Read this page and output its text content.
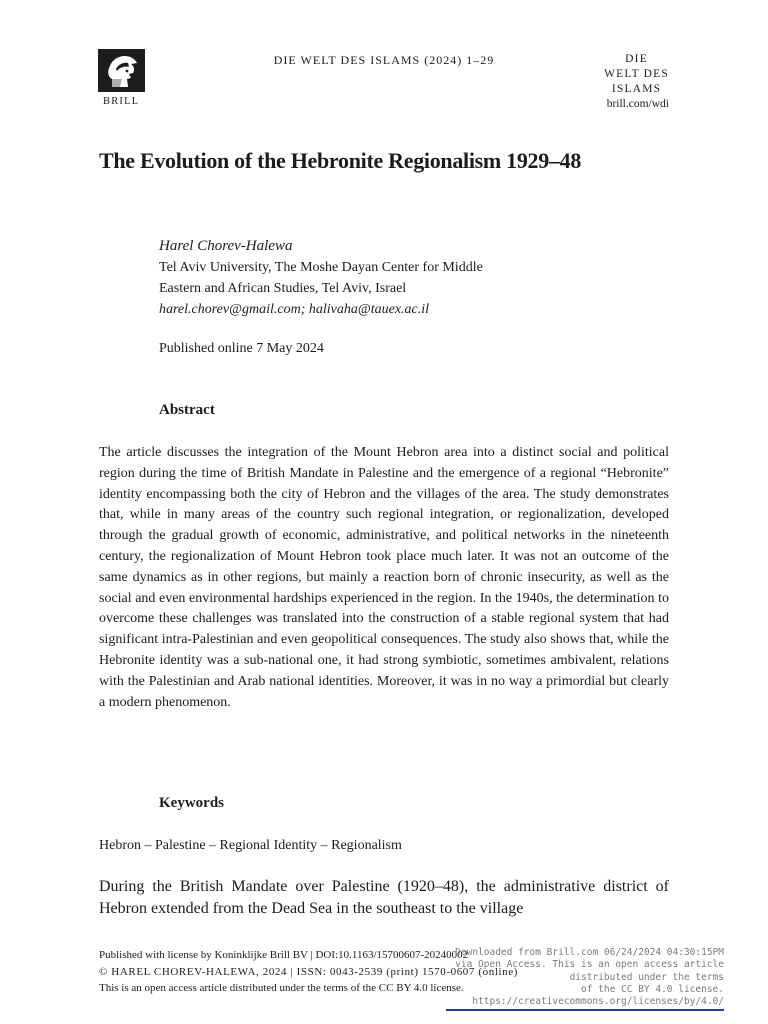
BRILL
DIE WELT DES ISLAMS (2024) 1–29	DIE
WELT DES
ISLAMS
brill.com/wdi
The Evolution of the Hebronite Regionalism 1929–48
Harel Chorev-Halewa
Tel Aviv University, The Moshe Dayan Center for Middle
Eastern and African Studies, Tel Aviv, Israel
harel.chorev@gmail.com; halivaha@tauex.ac.il
Published online 7 May 2024
Abstract

The article discusses the integration of the Mount Hebron area into a distinct social and political region during the time of British Mandate in Palestine and the emergence of a regional “Hebronite” identity encompassing both the city of Hebron and the villages of the area. The study demonstrates that, while in many areas of the country such regional integration, or regionalization, developed through the gradual growth of economic, administrative, and political networks in the nineteenth century, the regionalization of Mount Hebron took place much later. It was not an outcome of the same dynamics as in other regions, but mainly a reaction born of chronic insecurity, as well as the social and even environmental hardships experienced in the region. In the 1940s, the determination to overcome these challenges was translated into the construction of a stable regional system that had significant intra-Palestinian and even geopolitical consequences. The study also shows that, while the Hebronite identity was a sub-national one, it had strong symbiotic, sometimes ambivalent, relations with the Palestinian and Arab national identities. Moreover, it was in no way a primordial but clearly a modern phenomenon.

Keywords
Hebron – Palestine – Regional Identity – Regionalism

During the British Mandate over Palestine (1920–48), the administrative district of Hebron extended from the Dead Sea in the southeast to the village

Published with license by Koninklijke Brill BV | DOI:10.1163/15700607-20240002
© HAREL CHOREV-HALEWA, 2024 | ISSN: 0043-2539 (print) 1570-0607 (online)
This is an open access article distributed under the terms of the CC BY 4.0 license.
Downloaded from Brill.com 06/24/2024 04:30:15PM
via Open Access. This is an open access article distributed under the terms
of the CC BY 4.0 license.
https://creativecommons.org/licenses/by/4.0/
